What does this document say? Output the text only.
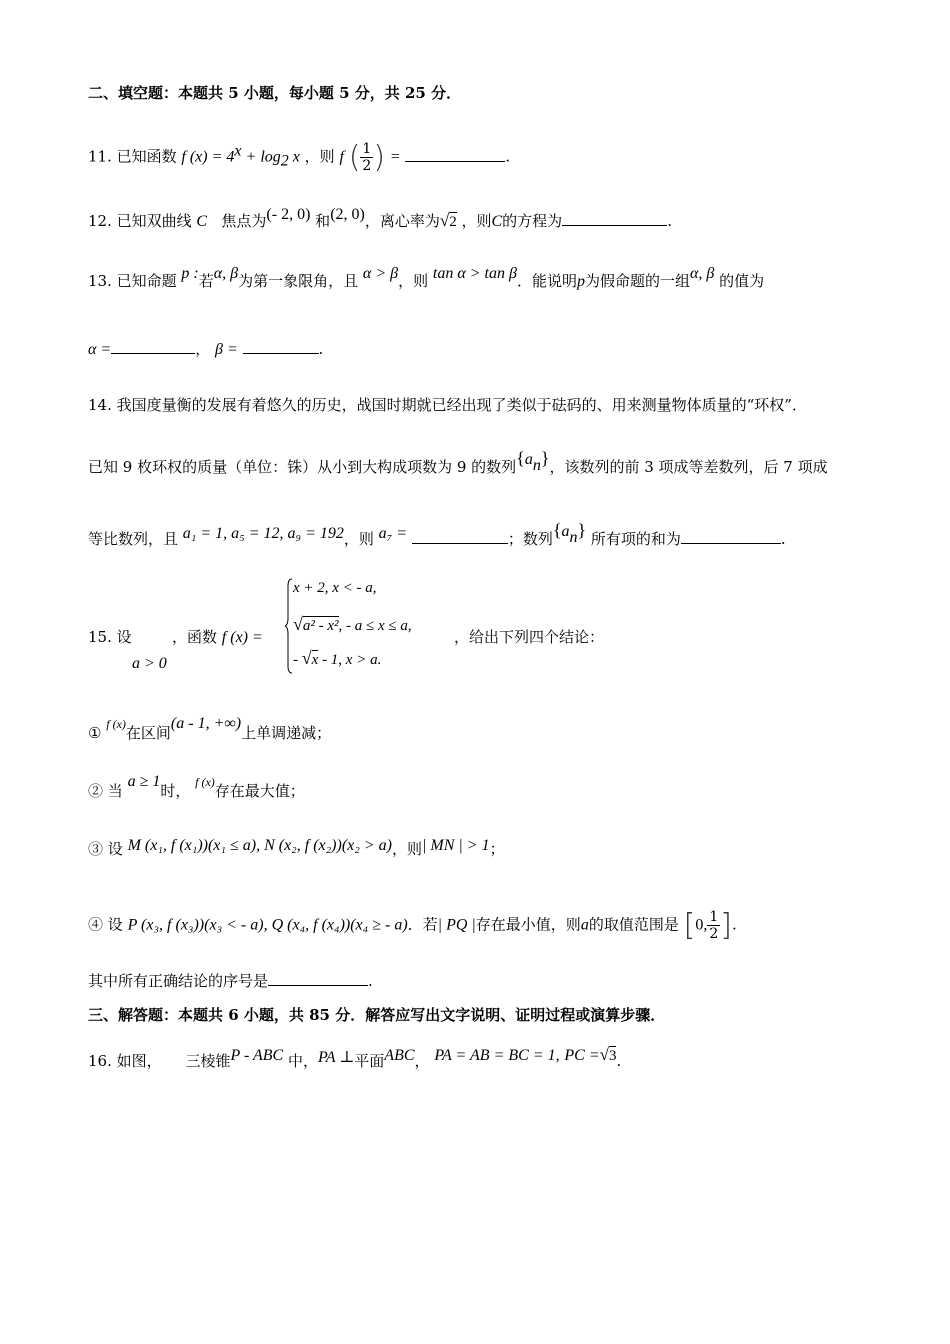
二、填空题：本题共 5 小题，每小题 5 分，共 25 分．
11. 已知函数 f $(x) = 4^x + \log_2 x$ ，则 f ( $\frac{1}{2}$ ) =	.
12. 已知双曲线 C 焦点为(- 2, 0) 和(2, 0)，离心率为√2 ，则C的方程为	.
13. 已知命题 p :若α, β为第一象限角，且 α > β，则 tan α > tan β．能说明p为假命题的一组α, β 的值为
α =	， β =	.
14. 我国度量衡的发展有着悠久的历史，战国时期就已经出现了类似于砝码的、用来测量物体质量的“环权”．
已知 9 枚环权的质量（单位：铢）从小到大构成项数为 9 的数列$\{a_n\}$，该数列的前 3 项成等差数列，后 7 项成
等比数列，且 a₁ = 1, a₅ = 12, a₉ = 192，则 a₇ =	；数列$\{a_n\}$ 所有项的和为	.
15. 设
a > 0
，函数 f (x) =
x + 2, x < - a,
√a² - x², - a ≤ x ≤ a,
- √x - 1, x > a.
，给出下列四个结论：
① $^{f (x)}$在区间(a - 1, +∞)上单调递减；
② 当 a ≥ 1时， $^{f (x)}$存在最大值；
③ 设 M (x₁, f (x₁))(x₁ ≤ a), N (x₂, f (x₂))(x₂ > a)，则| MN | > 1；
④ 设 P (x₃, f (x₃))(x₃ < - a), Q (x₄, f (x₄))(x₄ ≥ - a)．若| PQ |存在最小值，则a的取值范围是 [0, $\frac{1}{2}$ ].
其中所有正确结论的序号是	.
三、解答题：本题共 6 小题，共 85 分．解答应写出文字说明、证明过程或演算步骤．
16. 如图， 三棱锥P - ABC 中，PA ⊥平面ABC， PA = AB = BC = 1, PC =√3.
